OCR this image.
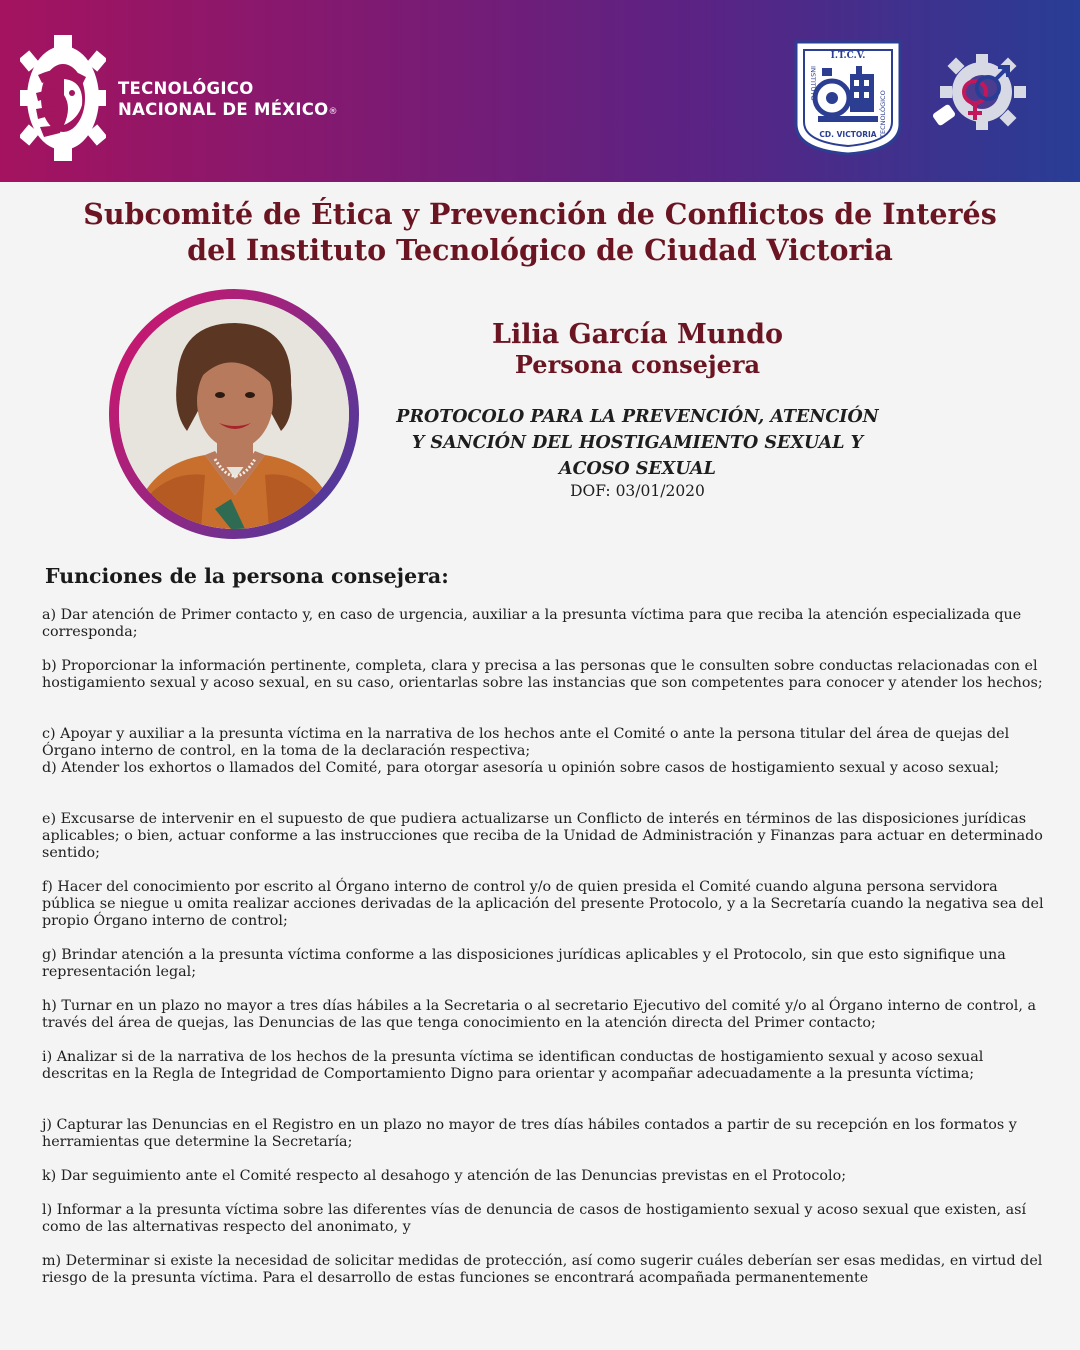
TECNOLÓGICO
NACIONAL DE MÉXICO®
I.T.C.V.
INSTITUTO
TECNOLÓGICO
CD. VICTORIA
Subcomité de Ética y Prevención de Conflictos de Interés
del Instituto Tecnológico de Ciudad Victoria
Lilia García Mundo
Persona consejera
PROTOCOLO PARA LA PREVENCIÓN, ATENCIÓN
Y SANCIÓN DEL HOSTIGAMIENTO SEXUAL Y
ACOSO SEXUAL
DOF: 03/01/2020
Funciones de la persona consejera:

a) Dar atención de Primer contacto y, en caso de urgencia, auxiliar a la presunta víctima para que reciba la atención especializada que corresponda;

b) Proporcionar la información pertinente, completa, clara y precisa a las personas que le consulten sobre conductas relacionadas con el hostigamiento sexual y acoso sexual, en su caso, orientarlas sobre las instancias que son competentes para conocer y atender los hechos;

c) Apoyar y auxiliar a la presunta víctima en la narrativa de los hechos ante el Comité o ante la persona titular del área de quejas del Órgano interno de control, en la toma de la declaración respectiva;

d) Atender los exhortos o llamados del Comité, para otorgar asesoría u opinión sobre casos de hostigamiento sexual y acoso sexual;

e) Excusarse de intervenir en el supuesto de que pudiera actualizarse un Conflicto de interés en términos de las disposiciones jurídicas aplicables; o bien, actuar conforme a las instrucciones que reciba de la Unidad de Administración y Finanzas para actuar en determinado sentido;

f) Hacer del conocimiento por escrito al Órgano interno de control y/o de quien presida el Comité cuando alguna persona servidora pública se niegue u omita realizar acciones derivadas de la aplicación del presente Protocolo, y a la Secretaría cuando la negativa sea del propio Órgano interno de control;

g) Brindar atención a la presunta víctima conforme a las disposiciones jurídicas aplicables y el Protocolo, sin que esto signifique una representación legal;

h) Turnar en un plazo no mayor a tres días hábiles a la Secretaria o al secretario Ejecutivo del comité y/o al Órgano interno de control, a través del área de quejas, las Denuncias de las que tenga conocimiento en la atención directa del Primer contacto;

i) Analizar si de la narrativa de los hechos de la presunta víctima se identifican conductas de hostigamiento sexual y acoso sexual descritas en la Regla de Integridad de Comportamiento Digno para orientar y acompañar adecuadamente a la presunta víctima;

j) Capturar las Denuncias en el Registro en un plazo no mayor de tres días hábiles contados a partir de su recepción en los formatos y herramientas que determine la Secretaría;

k) Dar seguimiento ante el Comité respecto al desahogo y atención de las Denuncias previstas en el Protocolo;

l) Informar a la presunta víctima sobre las diferentes vías de denuncia de casos de hostigamiento sexual y acoso sexual que existen, así como de las alternativas respecto del anonimato, y

m) Determinar si existe la necesidad de solicitar medidas de protección, así como sugerir cuáles deberían ser esas medidas, en virtud del riesgo de la presunta víctima. Para el desarrollo de estas funciones se encontrará acompañada permanentemente
